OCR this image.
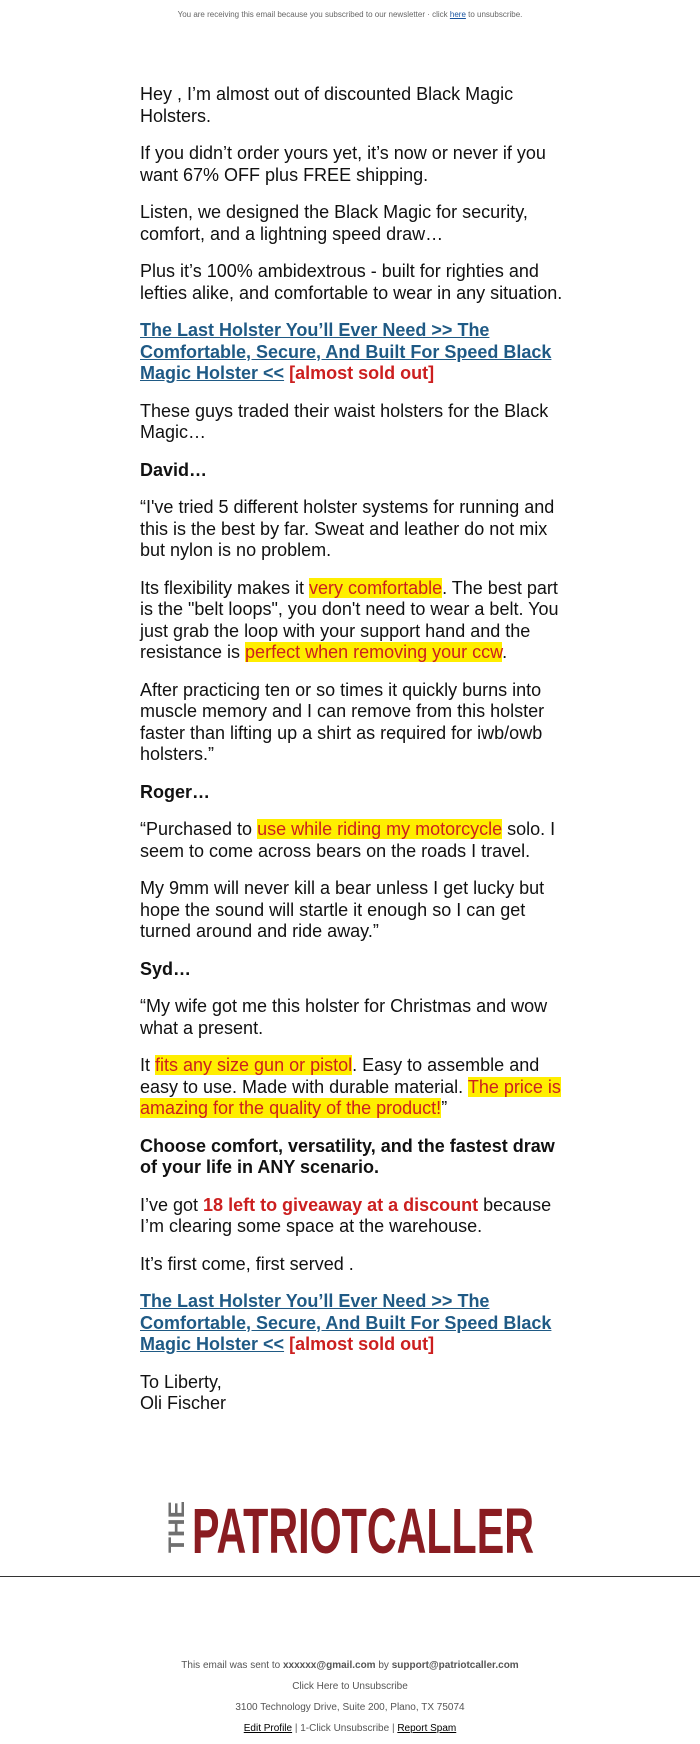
You are receiving this email because you subscribed to our newsletter · click here to unsubscribe.

Hey , I’m almost out of discounted Black Magic Holsters.

If you didn’t order yours yet, it’s now or never if you want 67% OFF plus FREE shipping.

Listen, we designed the Black Magic for security, comfort, and a lightning speed draw…

Plus it’s 100% ambidextrous - built for righties and lefties alike, and comfortable to wear in any situation.

The Last Holster You’ll Ever Need >> The Comfortable, Secure, And Built For Speed Black Magic Holster << [almost sold out]

These guys traded their waist holsters for the Black Magic…

David…

“I've tried 5 different holster systems for running and this is the best by far. Sweat and leather do not mix but nylon is no problem.

Its flexibility makes it very comfortable. The best part is the "belt loops", you don't need to wear a belt. You just grab the loop with your support hand and the resistance is perfect when removing your ccw.

After practicing ten or so times it quickly burns into muscle memory and I can remove from this holster faster than lifting up a shirt as required for iwb/owb holsters.”

Roger…

“Purchased to use while riding my motorcycle solo. I seem to come across bears on the roads I travel.

My 9mm will never kill a bear unless I get lucky but hope the sound will startle it enough so I can get turned around and ride away.”

Syd…

“My wife got me this holster for Christmas and wow what a present.

It fits any size gun or pistol. Easy to assemble and easy to use. Made with durable material. The price is amazing for the quality of the product!”

Choose comfort, versatility, and the fastest draw of your life in ANY scenario.

I’ve got 18 left to giveaway at a discount because I’m clearing some space at the warehouse.

It’s first come, first served .

The Last Holster You’ll Ever Need >> The Comfortable, Secure, And Built For Speed Black Magic Holster << [almost sold out]

To Liberty,
Oli Fischer

THE PATRIOTCALLER
This email was sent to xxxxxx@gmail.com by support@patriotcaller.com
Click Here to Unsubscribe
3100 Technology Drive, Suite 200, Plano, TX 75074
Edit Profile | 1-Click Unsubscribe | Report Spam
